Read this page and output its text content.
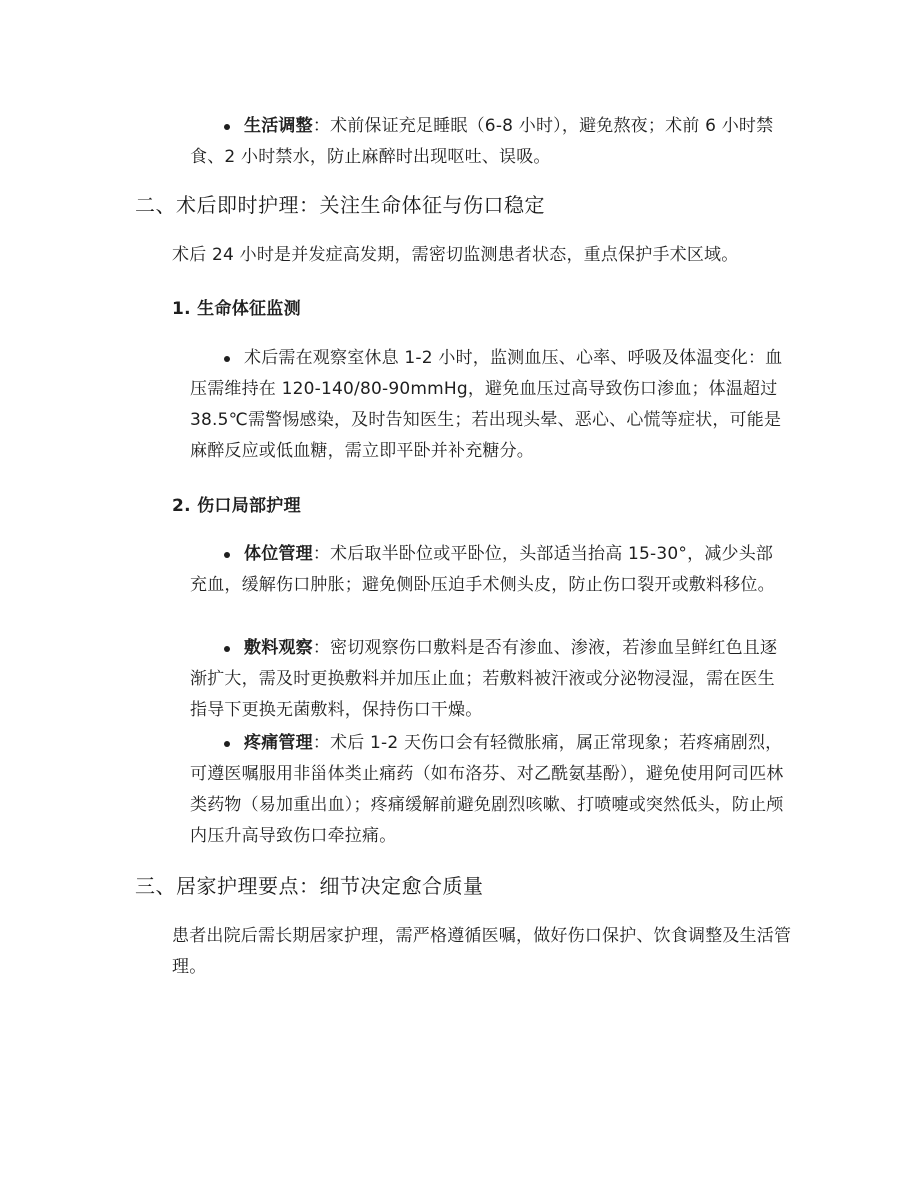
生活调整：术前保证充足睡眠（6-8 小时），避免熬夜；术前 6 小时禁食、2 小时禁水，防止麻醉时出现呕吐、误吸。
二、术后即时护理：关注生命体征与伤口稳定
术后 24 小时是并发症高发期，需密切监测患者状态，重点保护手术区域。
1. 生命体征监测
术后需在观察室休息 1-2 小时，监测血压、心率、呼吸及体温变化：血压需维持在 120-140/80-90mmHg，避免血压过高导致伤口渗血；体温超过 38.5℃需警惕感染，及时告知医生；若出现头晕、恶心、心慌等症状，可能是麻醉反应或低血糖，需立即平卧并补充糖分。
2. 伤口局部护理
体位管理：术后取半卧位或平卧位，头部适当抬高 15-30°，减少头部充血，缓解伤口肿胀；避免侧卧压迫手术侧头皮，防止伤口裂开或敷料移位。
敷料观察：密切观察伤口敷料是否有渗血、渗液，若渗血呈鲜红色且逐渐扩大，需及时更换敷料并加压止血；若敷料被汗液或分泌物浸湿，需在医生指导下更换无菌敷料，保持伤口干燥。
疼痛管理：术后 1-2 天伤口会有轻微胀痛，属正常现象；若疼痛剧烈，可遵医嘱服用非甾体类止痛药（如布洛芬、对乙酰氨基酚），避免使用阿司匹林类药物（易加重出血）；疼痛缓解前避免剧烈咳嗽、打喷嚏或突然低头，防止颅内压升高导致伤口牵拉痛。
三、居家护理要点：细节决定愈合质量
患者出院后需长期居家护理，需严格遵循医嘱，做好伤口保护、饮食调整及生活管理。
